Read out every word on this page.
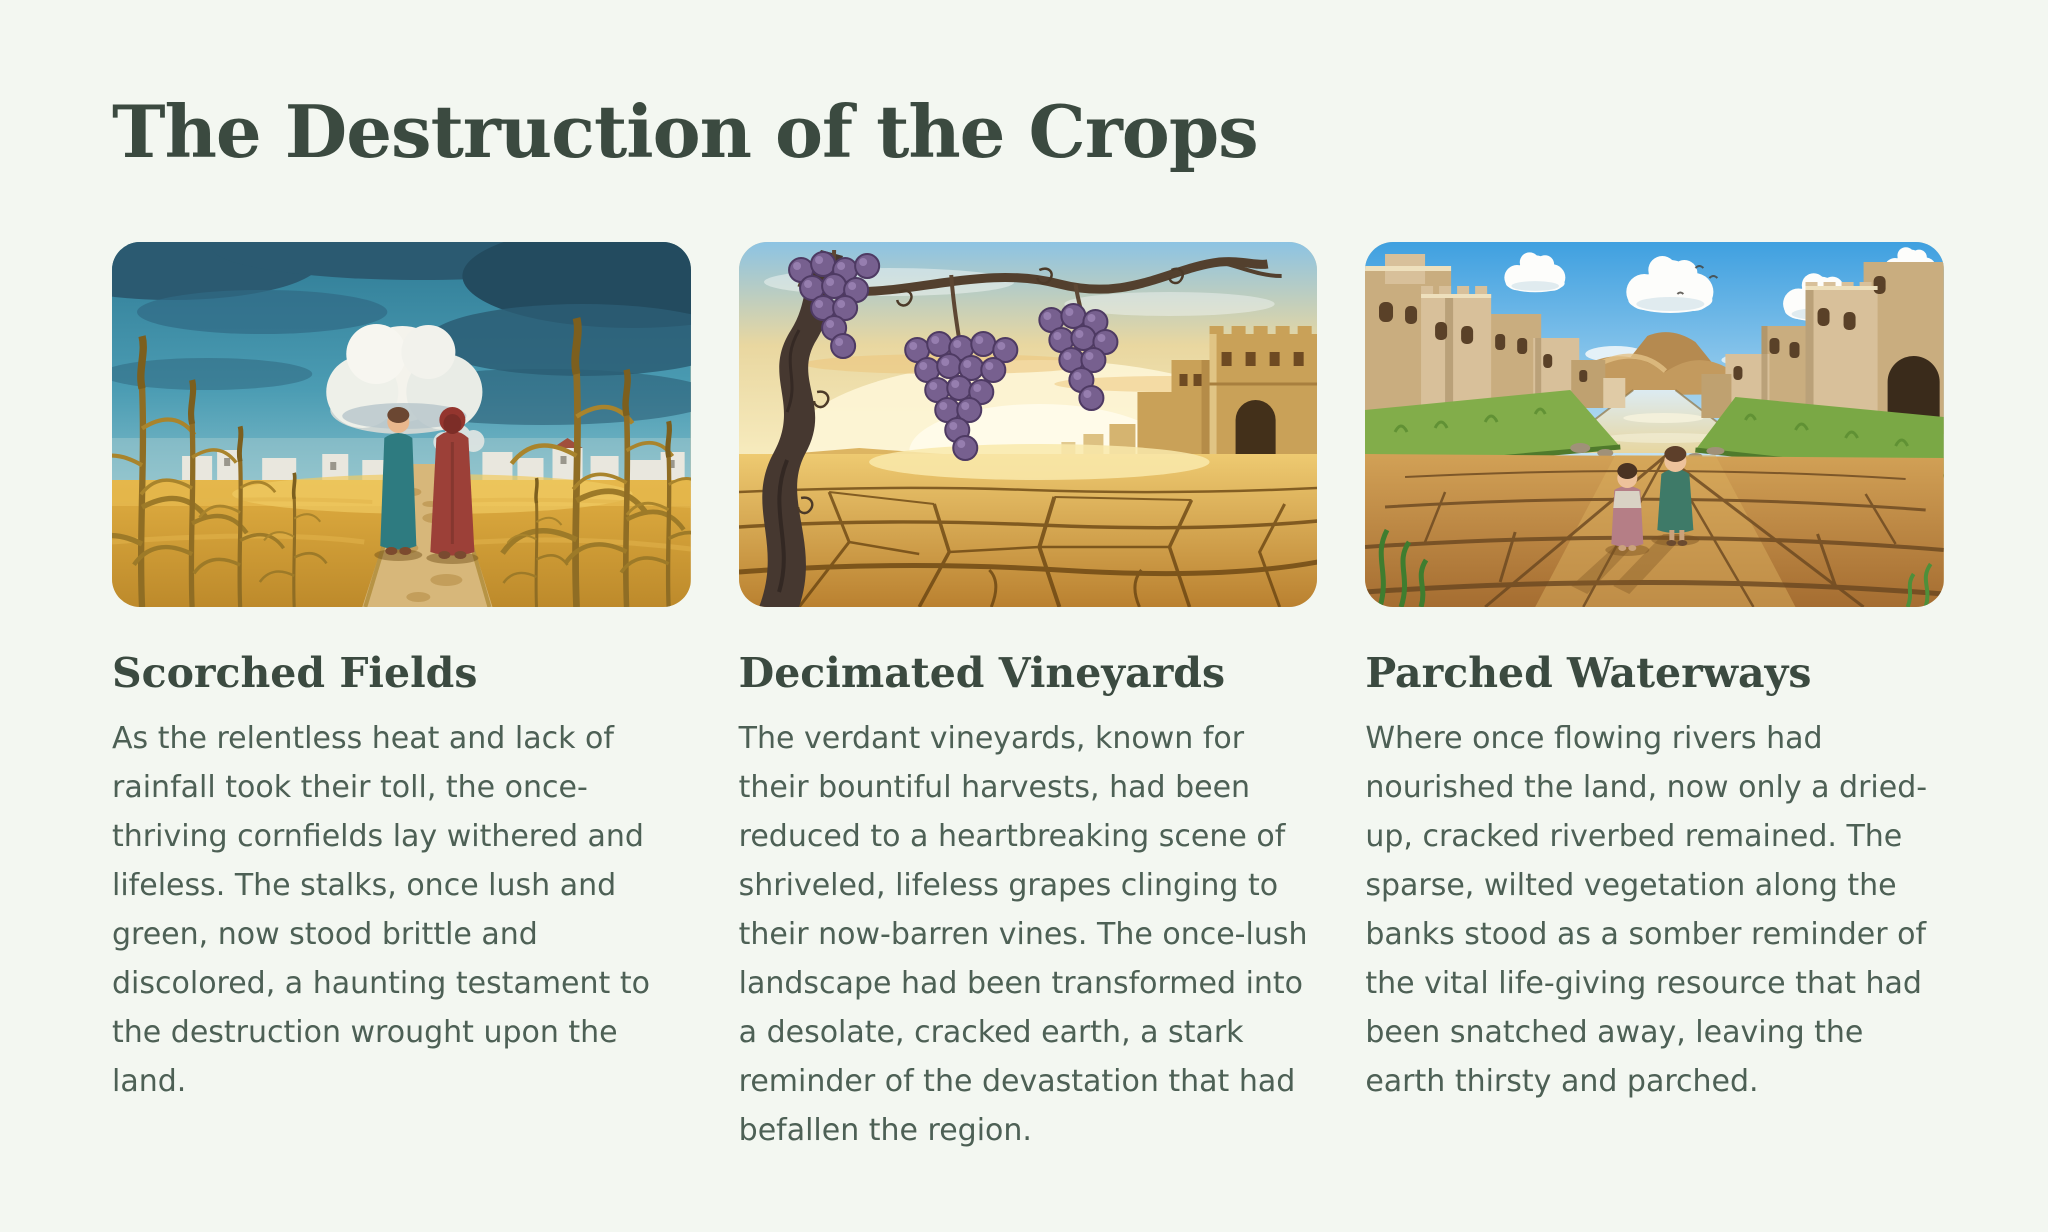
The Destruction of the Crops
Scorched Fields

As the relentless heat and lack of rainfall took their toll, the once-thriving cornfields lay withered and lifeless. The stalks, once lush and green, now stood brittle and discolored, a haunting testament to the destruction wrought upon the land.

Decimated Vineyards

The verdant vineyards, known for their bountiful harvests, had been reduced to a heartbreaking scene of shriveled, lifeless grapes clinging to their now-barren vines. The once-lush landscape had been transformed into a desolate, cracked earth, a stark reminder of the devastation that had befallen the region.

Parched Waterways

Where once flowing rivers had nourished the land, now only a dried-up, cracked riverbed remained. The sparse, wilted vegetation along the banks stood as a somber reminder of the vital life-giving resource that had been snatched away, leaving the earth thirsty and parched.
